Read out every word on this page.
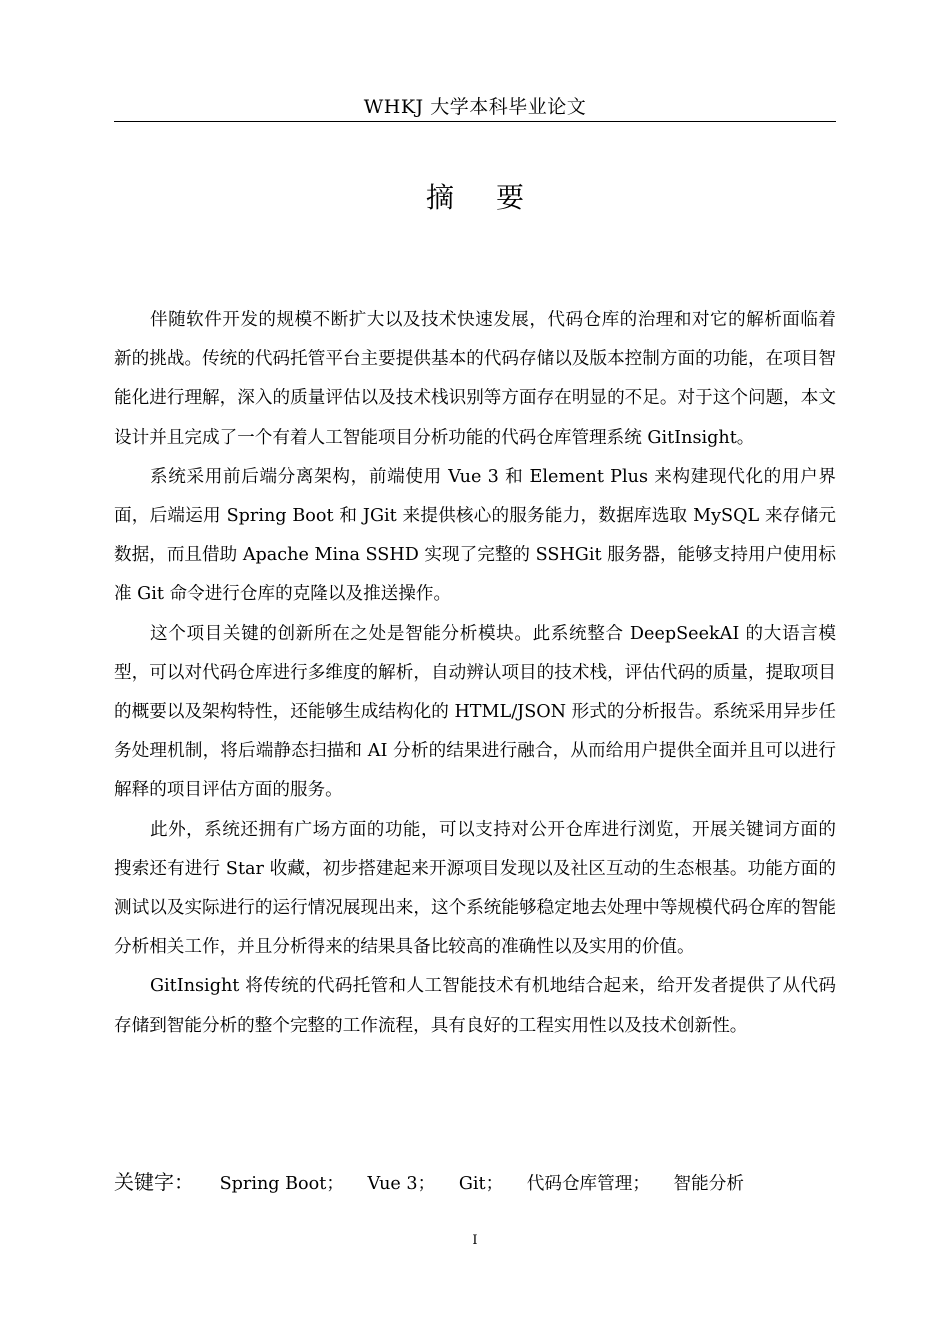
WHKJ 大学本科毕业论文
摘要

伴随软件开发的规模不断扩大以及技术快速发展，代码仓库的治理和对它的解析面临着新的挑战。传统的代码托管平台主要提供基本的代码存储以及版本控制方面的功能，在项目智能化进行理解，深入的质量评估以及技术栈识别等方面存在明显的不足。对于这个问题，本文设计并且完成了一个有着人工智能项目分析功能的代码仓库管理系统 GitInsight。

系统采用前后端分离架构，前端使用 Vue 3 和 Element Plus 来构建现代化的用户界面，后端运用 Spring Boot 和 JGit 来提供核心的服务能力，数据库选取 MySQL 来存储元数据，而且借助 Apache Mina SSHD 实现了完整的 SSHGit 服务器，能够支持用户使用标准 Git 命令进行仓库的克隆以及推送操作。

这个项目关键的创新所在之处是智能分析模块。此系统整合 DeepSeekAI 的大语言模型，可以对代码仓库进行多维度的解析，自动辨认项目的技术栈，评估代码的质量，提取项目的概要以及架构特性，还能够生成结构化的 HTML/JSON 形式的分析报告。系统采用异步任务处理机制，将后端静态扫描和 AI 分析的结果进行融合，从而给用户提供全面并且可以进行解释的项目评估方面的服务。

此外，系统还拥有广场方面的功能，可以支持对公开仓库进行浏览，开展关键词方面的搜索还有进行 Star 收藏，初步搭建起来开源项目发现以及社区互动的生态根基。功能方面的测试以及实际进行的运行情况展现出来，这个系统能够稳定地去处理中等规模代码仓库的智能分析相关工作，并且分析得来的结果具备比较高的准确性以及实用的价值。

GitInsight 将传统的代码托管和人工智能技术有机地结合起来，给开发者提供了从代码存储到智能分析的整个完整的工作流程，具有良好的工程实用性以及技术创新性。

关键字： Spring Boot； Vue 3； Git； 代码仓库管理； 智能分析
I
